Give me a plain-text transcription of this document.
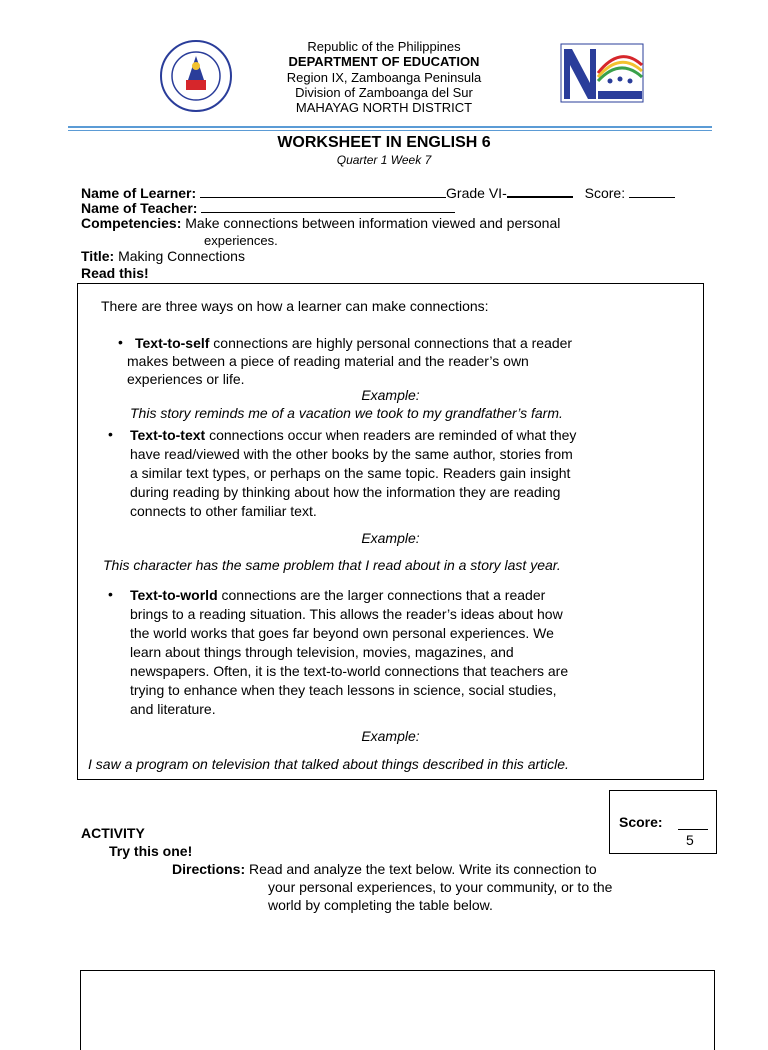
Republic of the Philippines
DEPARTMENT OF EDUCATION
Region IX, Zamboanga Peninsula
Division of Zamboanga del Sur
MAHAYAG NORTH DISTRICT
WORKSHEET IN ENGLISH 6
Quarter 1 Week 7
Name of Learner:	Grade VI-	Score:
Name of Teacher:
Competencies: Make connections between information viewed and personal
experiences.
Title: Making Connections
Read this!
There are three ways on how a learner can make connections:
• Text-to-self connections are highly personal connections that a reader
makes between a piece of reading material and the reader’s own
experiences or life.
Example:
This story reminds me of a vacation we took to my grandfather’s farm.
• Text-to-text connections occur when readers are reminded of what they
have read/viewed with the other books by the same author, stories from
a similar text types, or perhaps on the same topic. Readers gain insight
during reading by thinking about how the information they are reading
connects to other familiar text.
Example:
This character has the same problem that I read about in a story last year.
• Text-to-world connections are the larger connections that a reader
brings to a reading situation. This allows the reader’s ideas about how
the world works that goes far beyond own personal experiences. We
learn about things through television, movies, magazines, and
newspapers. Often, it is the text-to-world connections that teachers are
trying to enhance when they teach lessons in science, social studies,
and literature.
Example:
I saw a program on television that talked about things described in this article.
Score:
5
ACTIVITY
Try this one!
Directions: Read and analyze the text below. Write its connection to
your personal experiences, to your community, or to the
world by completing the table below.
